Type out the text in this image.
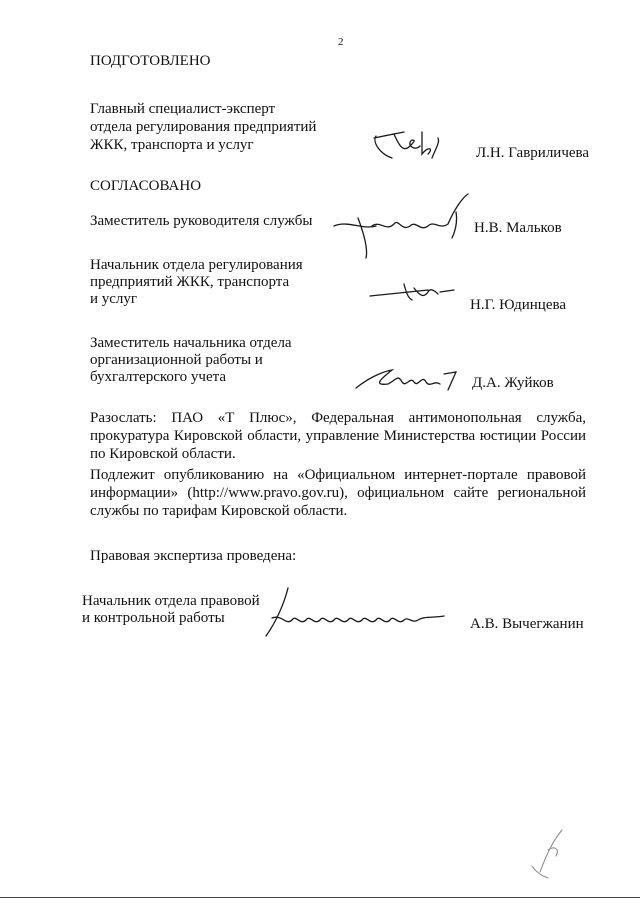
2
ПОДГОТОВЛЕНО
Главный специалист-эксперт
отдела регулирования предприятий
ЖКК, транспорта и услуг	Л.Н. Гавриличева
СОГЛАСОВАНО
Заместитель руководителя службы	Н.В. Мальков
Начальник отдела регулирования
предприятий ЖКК, транспорта
и услуг	Н.Г. Юдинцева
Заместитель начальника отдела
организационной работы и
бухгалтерского учета	Д.А. Жуйков
Разослать: ПАО «Т Плюс», Федеральная антимонопольная служба, прокуратура Кировской области, управление Министерства юстиции России по Кировской области.
Подлежит опубликованию на «Официальном интернет-портале правовой информации» (http://www.pravo.gov.ru), официальном сайте региональной службы по тарифам Кировской области.
Правовая экспертиза проведена:
Начальник отдела правовой
и контрольной работы	А.В. Вычегжанин
